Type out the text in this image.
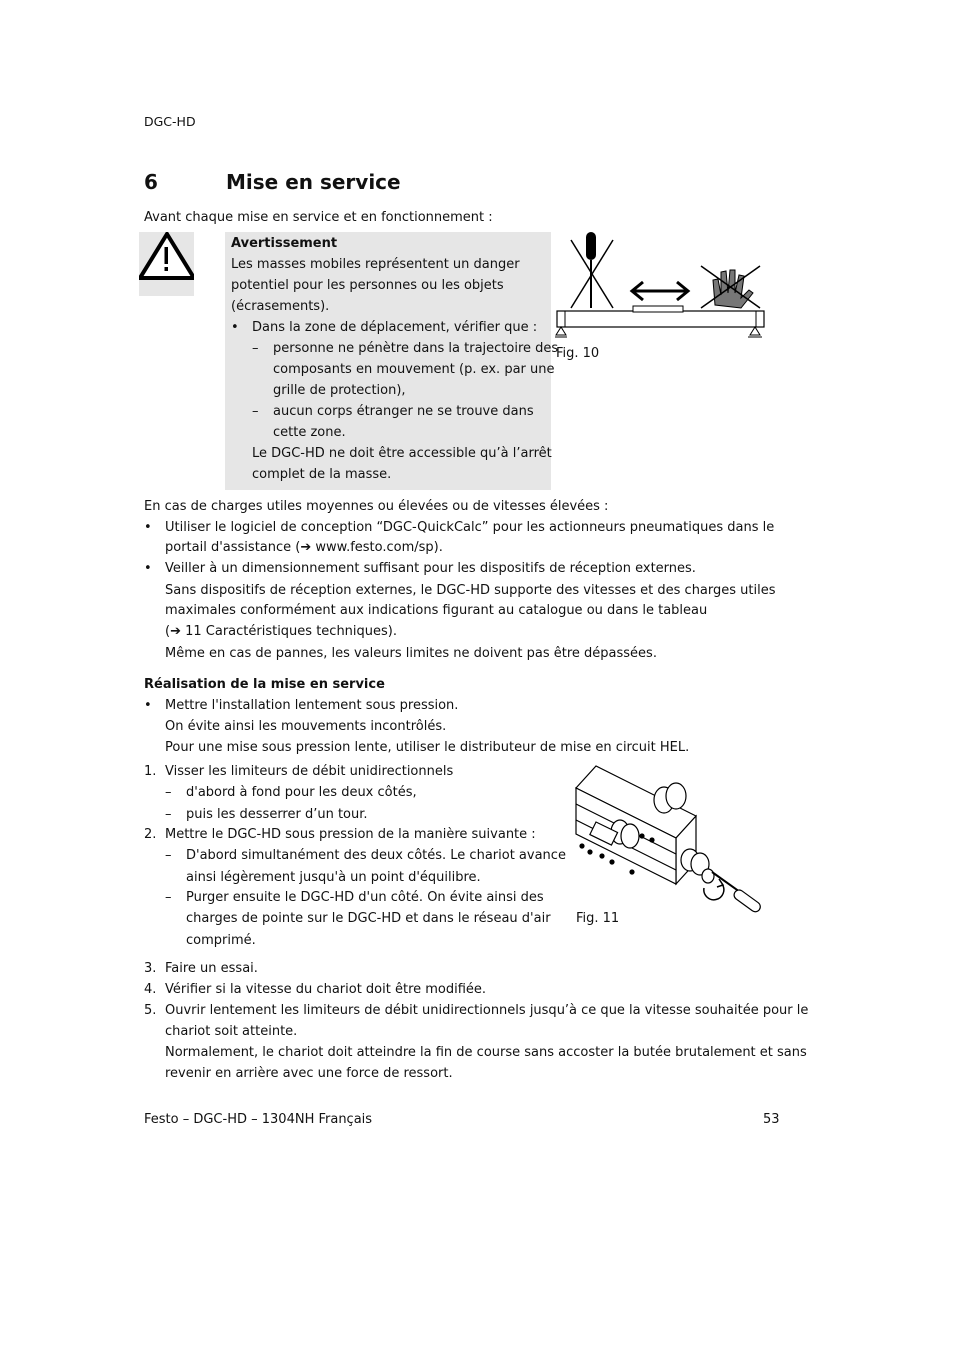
DGC-HD
6	Mise en service
Avant chaque mise en service et en fonctionnement :
Avertissement
Les masses mobiles représentent un danger
potentiel pour les personnes ou les objets
(écrasements).
• Dans la zone de déplacement, vérifier que :
– personne ne pénètre dans la trajectoire des
composants en mouvement (p. ex. par une
grille de protection),
– aucun corps étranger ne se trouve dans
cette zone.
Le DGC-HD ne doit être accessible qu’à l’arrêt
complet de la masse.
Fig. 10
En cas de charges utiles moyennes ou élevées ou de vitesses élevées :
• Utiliser le logiciel de conception “DGC-QuickCalc” pour les actionneurs pneumatiques dans le
portail d'assistance (➔ www.festo.com/sp).
• Veiller à un dimensionnement suffisant pour les dispositifs de réception externes.
Sans dispositifs de réception externes, le DGC-HD supporte des vitesses et des charges utiles
maximales conformément aux indications figurant au catalogue ou dans le tableau
(➔ 11 Caractéristiques techniques).
Même en cas de pannes, les valeurs limites ne doivent pas être dépassées.
Réalisation de la mise en service
• Mettre l'installation lentement sous pression.
On évite ainsi les mouvements incontrôlés.
Pour une mise sous pression lente, utiliser le distributeur de mise en circuit HEL.
1. Visser les limiteurs de débit unidirectionnels
– d'abord à fond pour les deux côtés,
– puis les desserrer d’un tour.
2. Mettre le DGC-HD sous pression de la manière suivante :
– D'abord simultanément des deux côtés. Le chariot avance
ainsi légèrement jusqu'à un point d'équilibre.
– Purger ensuite le DGC-HD d'un côté. On évite ainsi des
charges de pointe sur le DGC-HD et dans le réseau d'air
comprimé.
Fig. 11
3. Faire un essai.
4. Vérifier si la vitesse du chariot doit être modifiée.
5. Ouvrir lentement les limiteurs de débit unidirectionnels jusqu’à ce que la vitesse souhaitée pour le
chariot soit atteinte.
Normalement, le chariot doit atteindre la fin de course sans accoster la butée brutalement et sans
revenir en arrière avec une force de ressort.
Festo – DGC-HD – 1304NH Français	53
